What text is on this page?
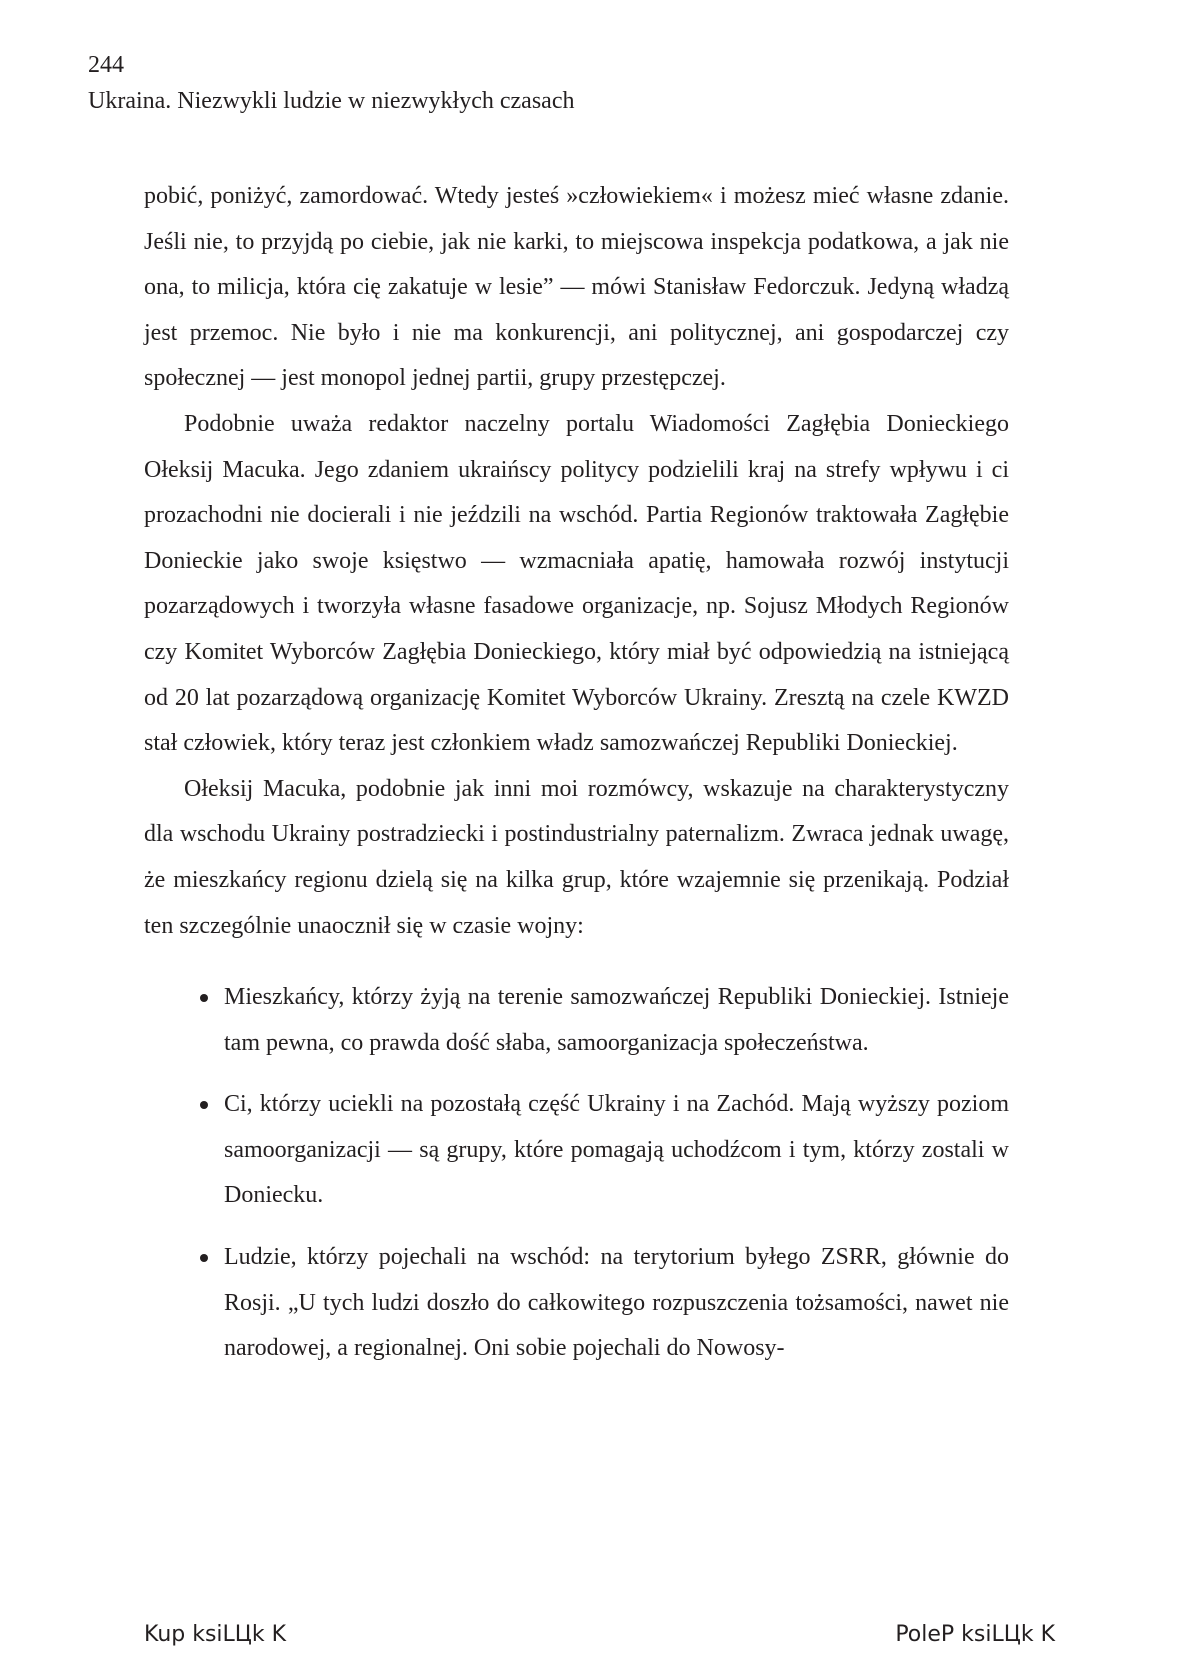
244
Ukraina. Niezwykli ludzie w niezwykłych czasach

pobić, poniżyć, zamordować. Wtedy jesteś »człowiekiem« i możesz mieć własne zdanie. Jeśli nie, to przyjdą po ciebie, jak nie karki, to miejscowa inspekcja podatkowa, a jak nie ona, to milicja, która cię zakatuje w lesie” — mówi Stanisław Fedorczuk. Jedyną władzą jest przemoc. Nie było i nie ma konkurencji, ani politycznej, ani gospodarczej czy społecznej — jest monopol jednej partii, grupy przestępczej.

Podobnie uważa redaktor naczelny portalu Wiadomości Zagłębia Donieckiego Ołeksij Macuka. Jego zdaniem ukraińscy politycy podzielili kraj na strefy wpływu i ci prozachodni nie docierali i nie jeździli na wschód. Partia Regionów traktowała Zagłębie Donieckie jako swoje księstwo — wzmacniała apatię, hamowała rozwój instytucji pozarządowych i tworzyła własne fasadowe organizacje, np. Sojusz Młodych Regionów czy Komitet Wyborców Zagłębia Donieckiego, który miał być odpowiedzią na istniejącą od 20 lat pozarządową organizację Komitet Wyborców Ukrainy. Zresztą na czele KWZD stał człowiek, który teraz jest członkiem władz samozwańczej Republiki Donieckiej.

Ołeksij Macuka, podobnie jak inni moi rozmówcy, wskazuje na charakterystyczny dla wschodu Ukrainy postradziecki i postindustrialny paternalizm. Zwraca jednak uwagę, że mieszkańcy regionu dzielą się na kilka grup, które wzajemnie się przenikają. Podział ten szczególnie unaocznił się w czasie wojny:

Mieszkańcy, którzy żyją na terenie samozwańczej Republiki Donieckiej. Istnieje tam pewna, co prawda dość słaba, samoorganizacja społeczeństwa.
Ci, którzy uciekli na pozostałą część Ukrainy i na Zachód. Mają wyższy poziom samoorganizacji — są grupy, które pomagają uchodźcom i tym, którzy zostali w Doniecku.
Ludzie, którzy pojechali na wschód: na terytorium byłego ZSRR, głównie do Rosji. „U tych ludzi doszło do całkowitego rozpuszczenia tożsamości, nawet nie narodowej, a regionalnej. Oni sobie pojechali do Nowosy-
Kup ksiLЦk K	PoleP ksiLЦk K
